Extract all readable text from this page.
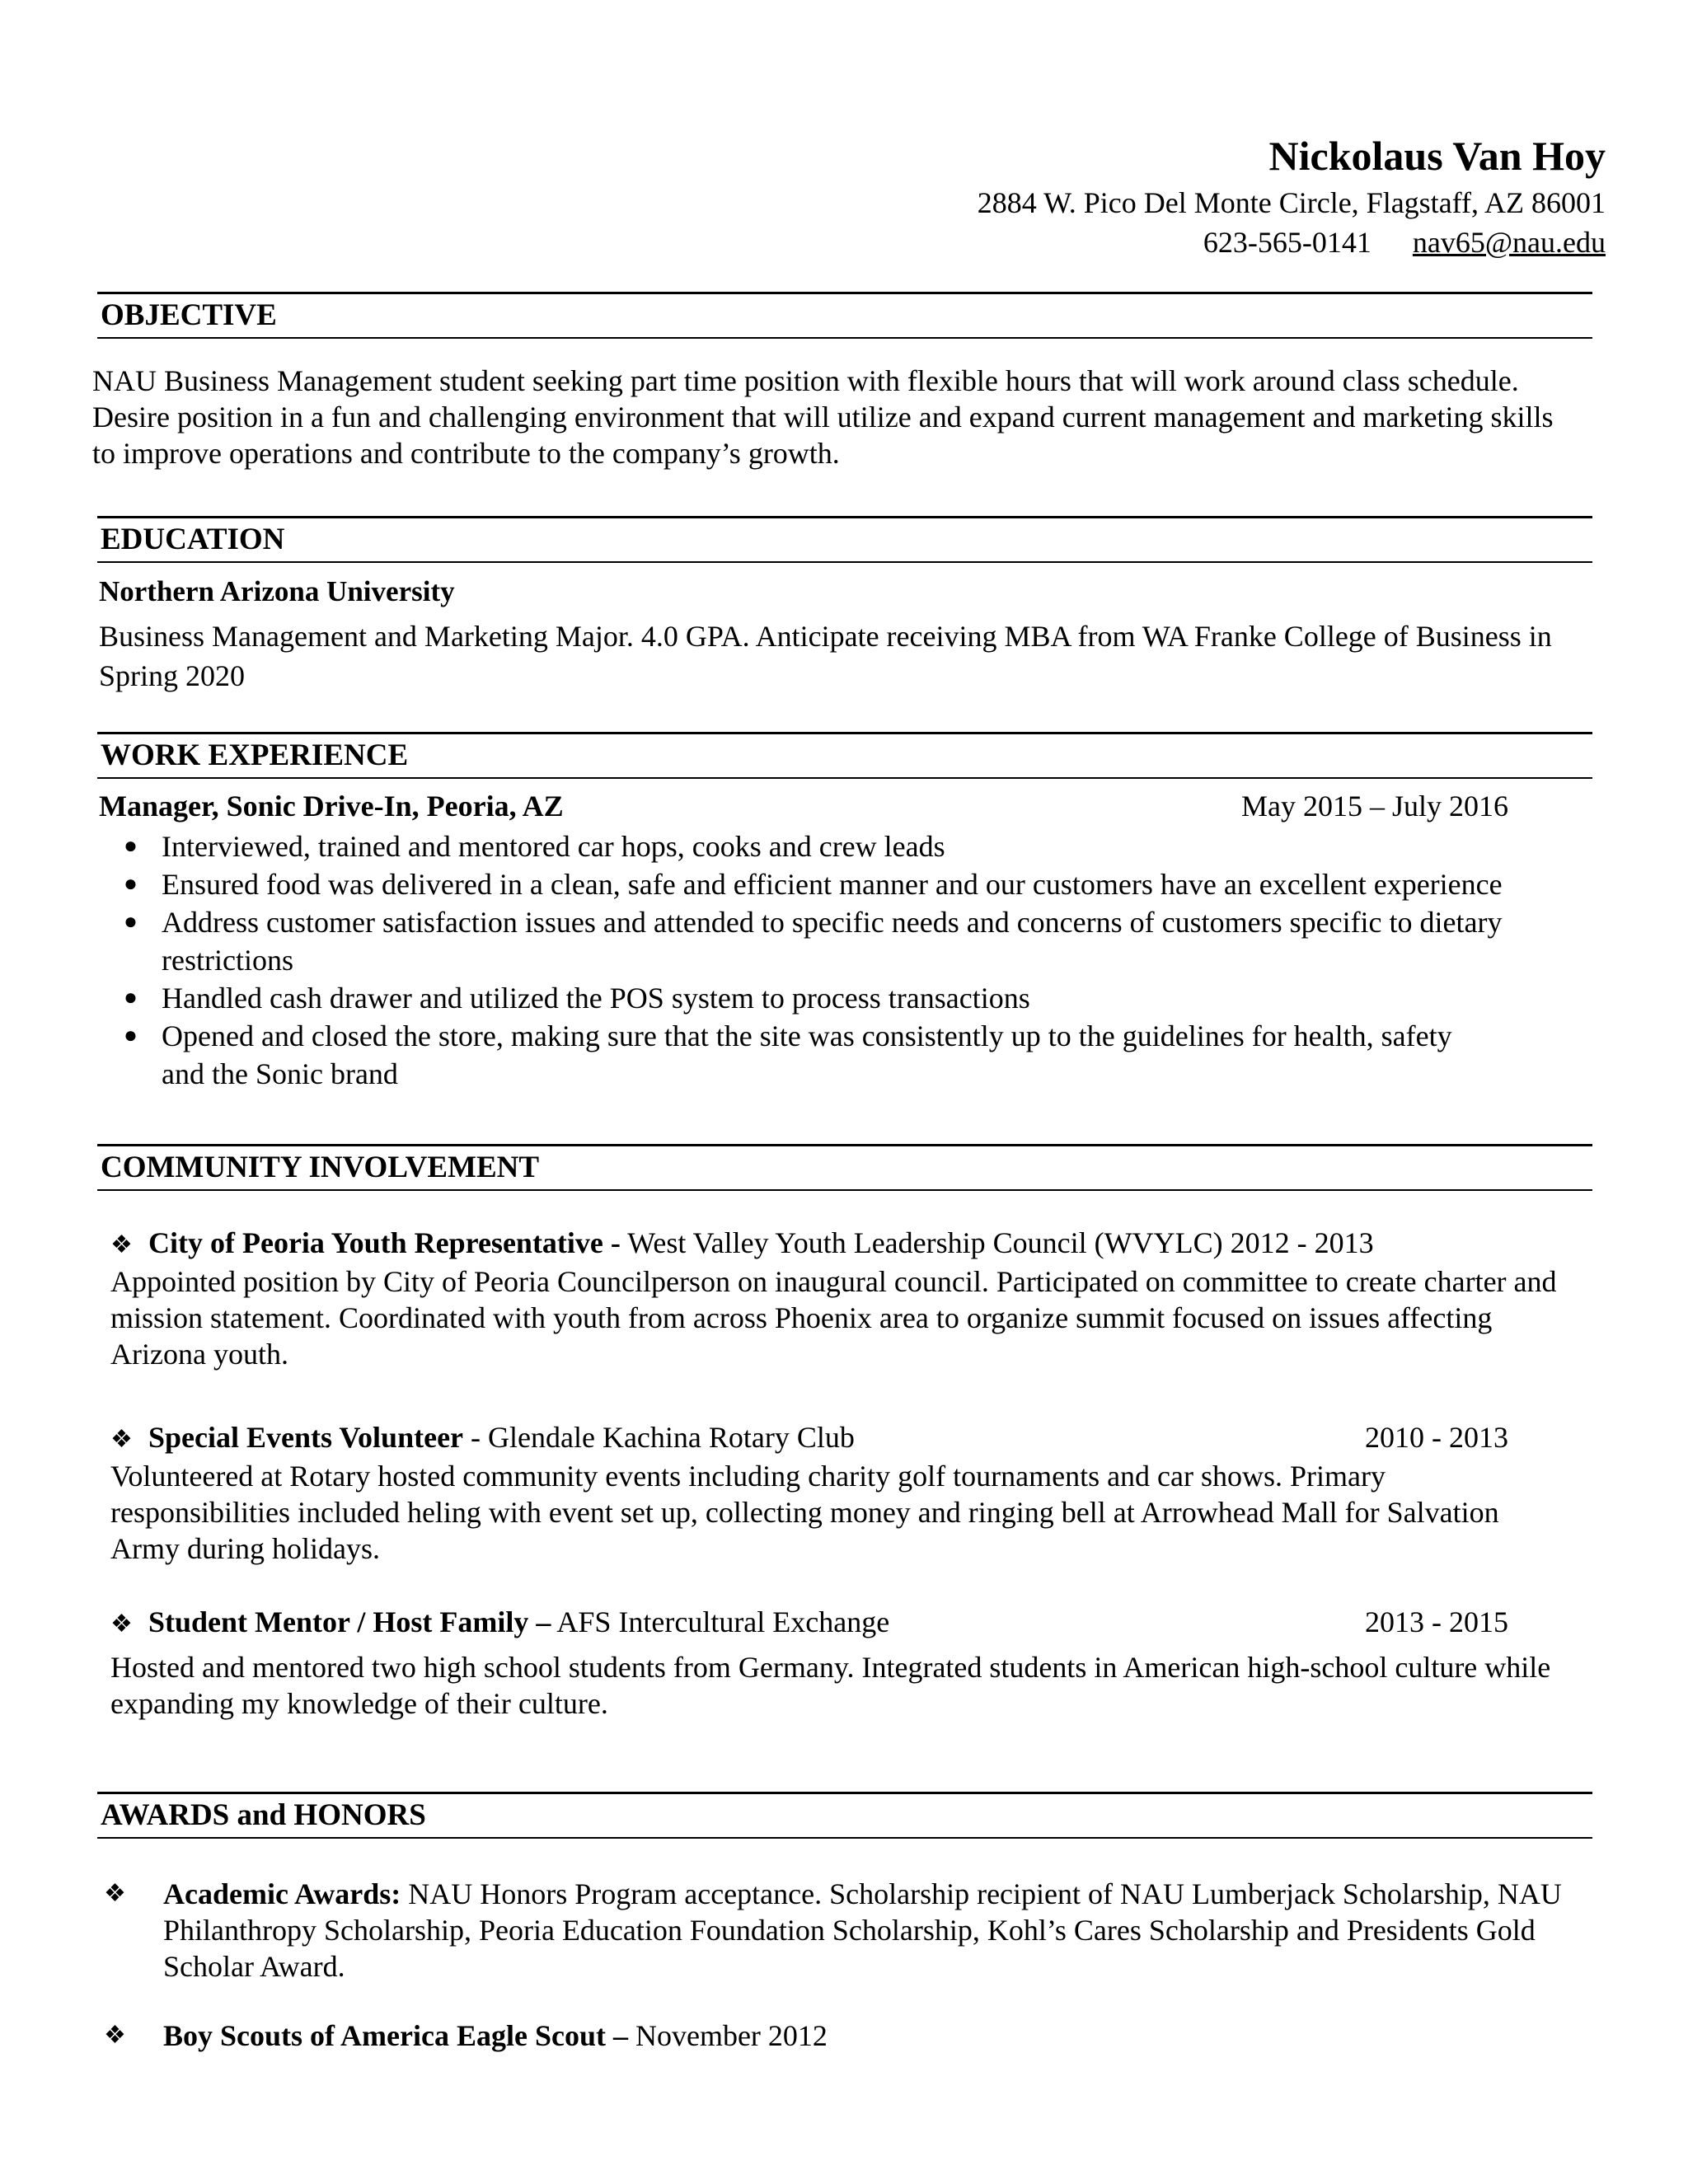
Nickolaus Van Hoy
2884 W. Pico Del Monte Circle, Flagstaff, AZ 86001
623-565-0141 nav65@nau.edu
OBJECTIVE
NAU Business Management student seeking part time position with flexible hours that will work around class schedule.
Desire position in a fun and challenging environment that will utilize and expand current management and marketing skills
to improve operations and contribute to the company’s growth.
EDUCATION
Northern Arizona University
Business Management and Marketing Major. 4.0 GPA. Anticipate receiving MBA from WA Franke College of Business in
Spring 2020
WORK EXPERIENCE
Manager, Sonic Drive-In, Peoria, AZ	May 2015 – July 2016
● Interviewed, trained and mentored car hops, cooks and crew leads
● Ensured food was delivered in a clean, safe and efficient manner and our customers have an excellent experience
● Address customer satisfaction issues and attended to specific needs and concerns of customers specific to dietary
restrictions
● Handled cash drawer and utilized the POS system to process transactions
● Opened and closed the store, making sure that the site was consistently up to the guidelines for health, safety
and the Sonic brand
COMMUNITY INVOLVEMENT
❖ City of Peoria Youth Representative - West Valley Youth Leadership Council (WVYLC) 2012 - 2013
Appointed position by City of Peoria Councilperson on inaugural council. Participated on committee to create charter and
mission statement. Coordinated with youth from across Phoenix area to organize summit focused on issues affecting
Arizona youth.
❖ Special Events Volunteer - Glendale Kachina Rotary Club	2010 - 2013
Volunteered at Rotary hosted community events including charity golf tournaments and car shows. Primary
responsibilities included heling with event set up, collecting money and ringing bell at Arrowhead Mall for Salvation
Army during holidays.
❖ Student Mentor / Host Family – AFS Intercultural Exchange	2013 - 2015
Hosted and mentored two high school students from Germany. Integrated students in American high-school culture while
expanding my knowledge of their culture.
AWARDS and HONORS
❖	Academic Awards: NAU Honors Program acceptance. Scholarship recipient of NAU Lumberjack Scholarship, NAU
Philanthropy Scholarship, Peoria Education Foundation Scholarship, Kohl’s Cares Scholarship and Presidents Gold
Scholar Award.
❖	Boy Scouts of America Eagle Scout – November 2012
